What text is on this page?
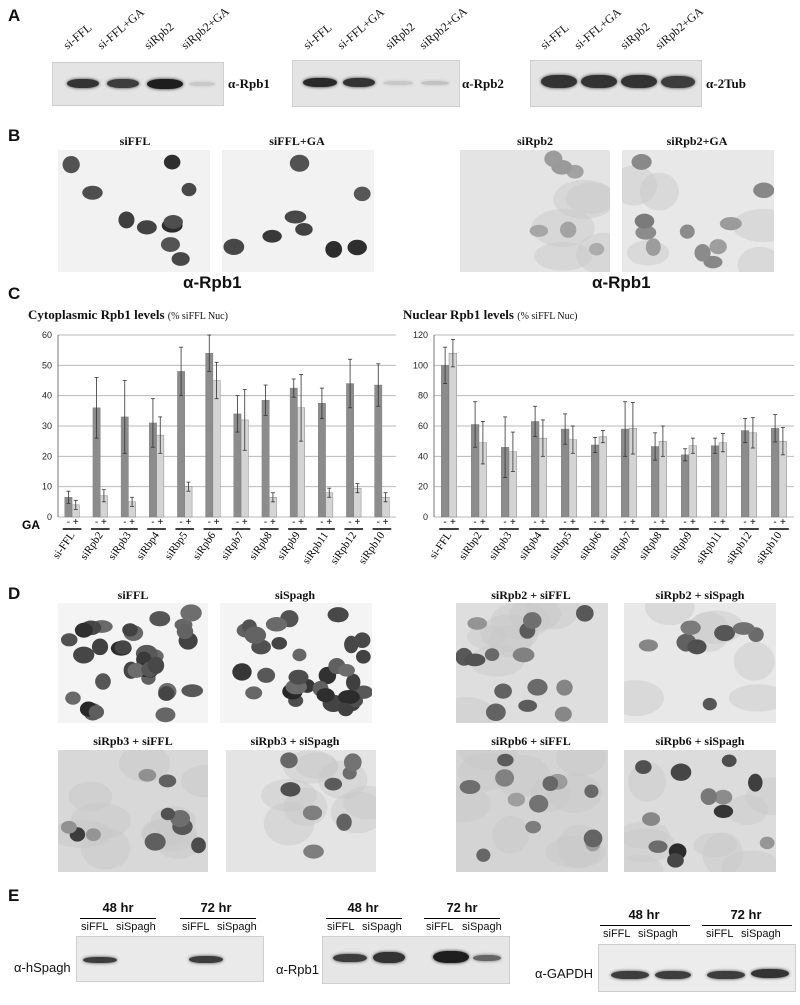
A
si-FFL si-FFL+GA
siRpb2 siRpb2+GA
α-Rpb1
si-FFL si-FFL+GA
siRpb2
siRpb2+GA
α-Rpb2
si-FFL si-FFL+GA
siRpb2 siRpb2+GA
α-2Tub
B	siFFL	siFFL+GA	siRpb2	siRpb2+GA
α-Rpb1	α-Rpb1
C
Cytoplasmic Rpb1 levels (% siFFL Nuc)	Nuclear Rpb1 levels (% siFFL Nuc)
0
10
20
30
40
50
60
- +
si-FFL
- +
siRpb2
- +
siRpb3
- +
siRbp4
- +
siRbp5
- +
siRpb6
- +
siRpb7
- +
siRpb8
- +
siRpb9
- +
siRpb11
- +
siRpb12
- +
siRpb10
GA
0
20
40
60
80
100
120
- +
si-FFL
- +
siRbp2
- +
siRpb3
- +
siRpb4
- +
siRbp5
- +
siRpb6
- +
siRpb7
- +
siRpb8
- +
siRpb9
- +
siRpb11
- +
siRpb12
- +
siRpb10
D	siFFL	siSpagh	siRpb2 + siFFL	siRpb2 + siSpagh
siRpb3 + siFFL	siRpb3 + siSpagh	siRpb6 + siFFL	siRpb6 + siSpagh
E
48 hr	72 hr
siFFL siSpagh siFFL siSpagh
α-hSpagh
48 hr	72 hr
siFFL siSpagh siFFL siSpagh
α-Rpb1
48 hr	72 hr
siFFL siSpagh	siFFL siSpagh
α-GAPDH
